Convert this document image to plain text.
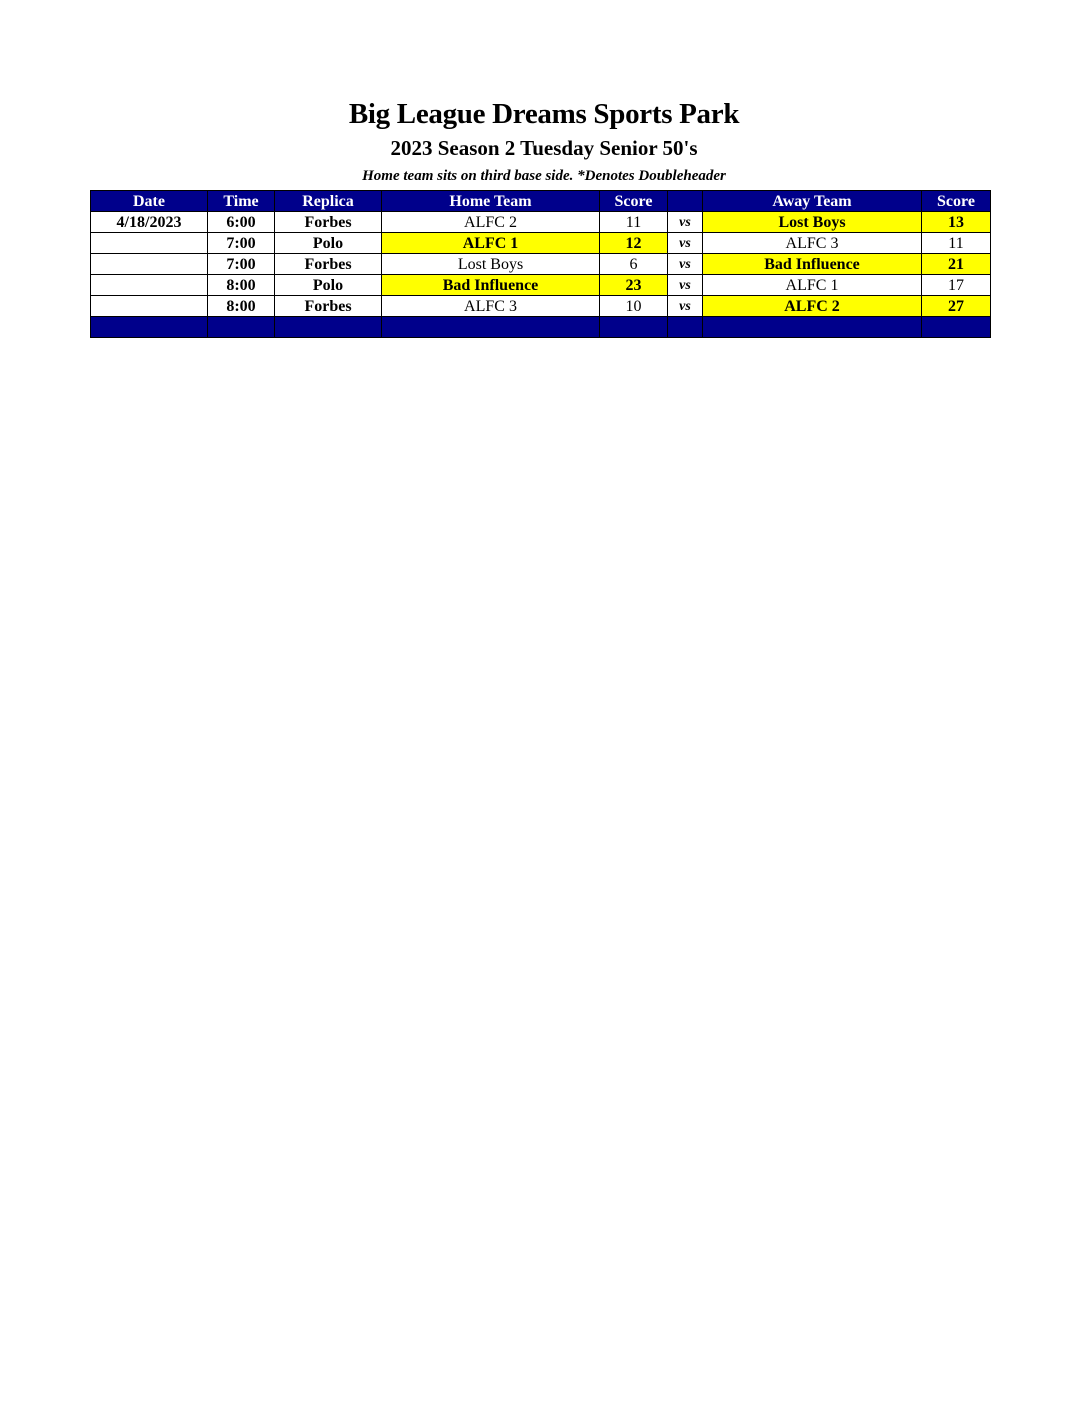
Big League Dreams Sports Park
2023 Season 2 Tuesday Senior 50's
Home team sits on third base side. *Denotes Doubleheader
Date	Time	Replica	Home Team	Score		Away Team	Score
4/18/2023	6:00	Forbes	ALFC 2	11	vs	Lost Boys	13
	7:00	Polo	ALFC 1	12	vs	ALFC 3	11
	7:00	Forbes	Lost Boys	6	vs	Bad Influence	21
	8:00	Polo	Bad Influence	23	vs	ALFC 1	17
	8:00	Forbes	ALFC 3	10	vs	ALFC 2	27
